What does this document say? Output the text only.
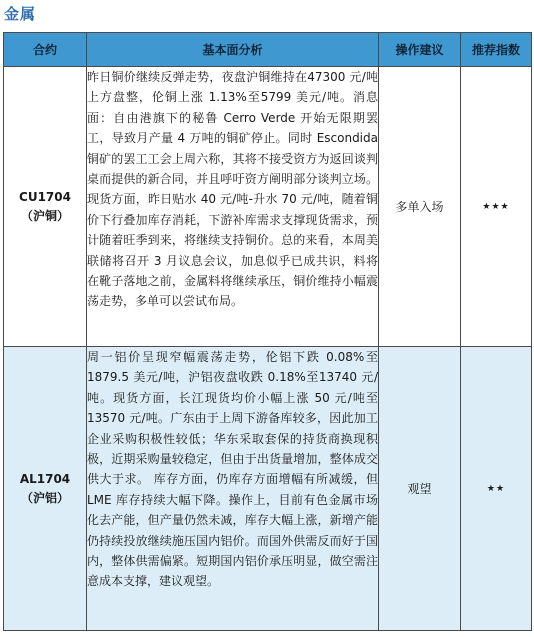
金属
合约	基本面分析	操作建议	推荐指数

CU1704
（沪铜）	昨日铜价继续反弹走势，夜盘沪铜维持在47300 元/吨上方盘整，伦铜上涨 1.13%至5799 美元/吨。消息面：自由港旗下的秘鲁 Cerro Verde 开始无限期罢工，导致月产量 4 万吨的铜矿停止。同时 Escondida 铜矿的罢工工会上周六称，其将不接受资方为返回谈判桌而提供的新合同，并且呼吁资方阐明部分谈判立场。现货方面，昨日贴水 40 元/吨-升水 70 元/吨，随着铜价下行叠加库存消耗，下游补库需求支撑现货需求，预计随着旺季到来，将继续支持铜价。总的来看，本周美联储将召开 3 月议息会议，加息似乎已成共识，料将在靴子落地之前，金属料将继续承压，铜价维持小幅震荡走势，多单可以尝试布局。	多单入场	★★★

AL1704
（沪铝）	周一铝价呈现窄幅震荡走势，伦铝下跌 0.08%至 1879.5 美元/吨，沪铝夜盘收跌 0.18%至13740 元/吨。现货方面，长江现货均价小幅上涨 50 元/吨至 13570 元/吨。广东由于上周下游备库较多，因此加工企业采购积极性较低；华东采取套保的持货商换现积极，近期采购量较稳定，但由于出货量增加，整体成交供大于求。 库存方面，仍库存方面增幅有所减缓，但LME 库存持续大幅下降。操作上，目前有色金属市场化去产能，但产量仍然未减，库存大幅上涨，新增产能仍持续投放继续施压国内铝价。而国外供需反而好于国内，整体供需偏紧。短期国内铝价承压明显，做空需注意成本支撑，建议观望。	观望	★★
